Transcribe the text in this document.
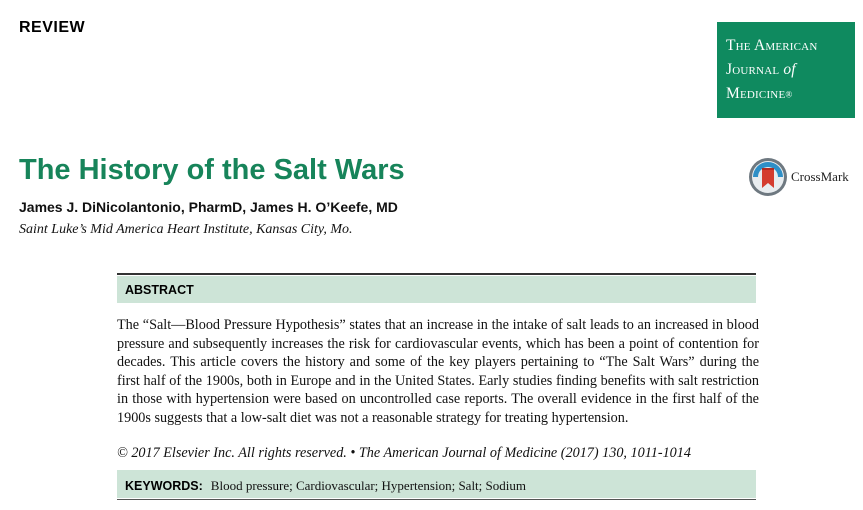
REVIEW
The American
Journal of
Medicine®
The History of the Salt Wars	CrossMark
James J. DiNicolantonio, PharmD, James H. O’Keefe, MD
Saint Luke’s Mid America Heart Institute, Kansas City, Mo.
ABSTRACT

The “Salt—Blood Pressure Hypothesis” states that an increase in the intake of salt leads to an increased in blood pressure and subsequently increases the risk for cardiovascular events, which has been a point of contention for decades. This article covers the history and some of the key players pertaining to “The Salt Wars” during the first half of the 1900s, both in Europe and in the United States. Early studies finding benefits with salt restriction in those with hypertension were based on uncontrolled case reports. The overall evidence in the first half of the 1900s suggests that a low-salt diet was not a reasonable strategy for treating hypertension.

© 2017 Elsevier Inc. All rights reserved. • The American Journal of Medicine (2017) 130, 1011-1014
KEYWORDS: Blood pressure; Cardiovascular; Hypertension; Salt; Sodium
